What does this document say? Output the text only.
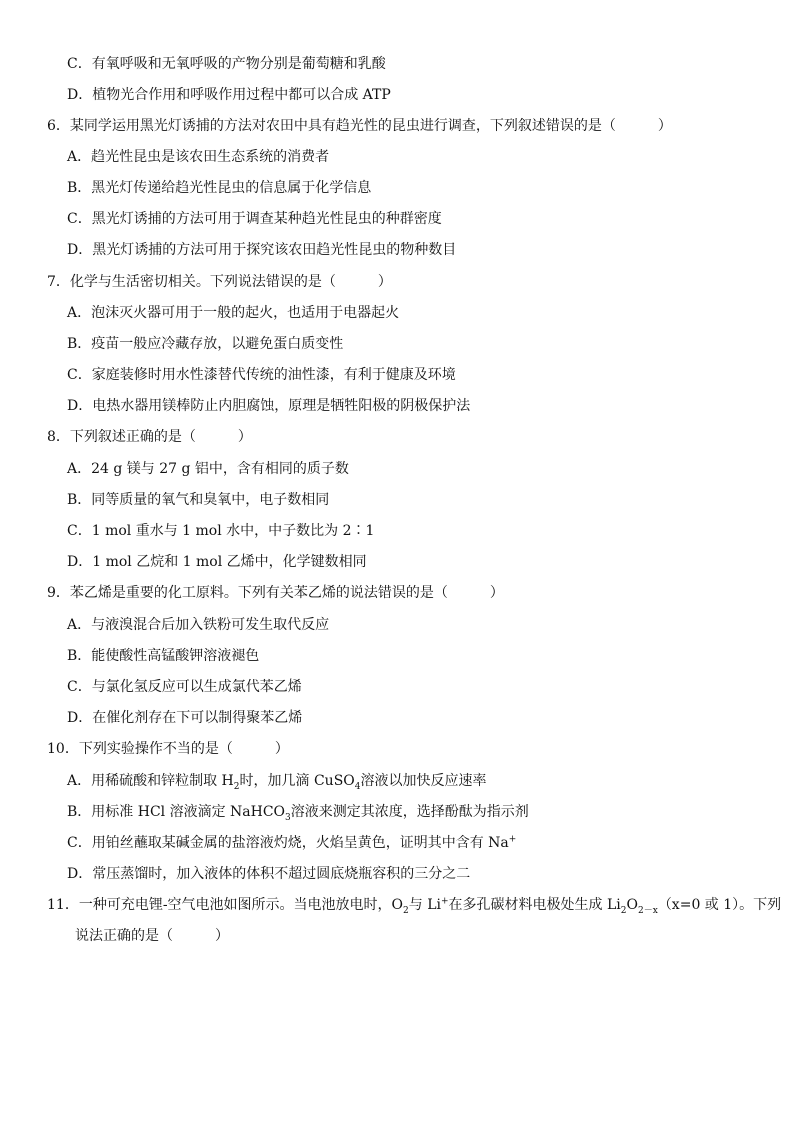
C．有氧呼吸和无氧呼吸的产物分别是葡萄糖和乳酸
D．植物光合作用和呼吸作用过程中都可以合成 ATP
6．某同学运用黑光灯诱捕的方法对农田中具有趋光性的昆虫进行调查，下列叙述错误的是（　　　）
A．趋光性昆虫是该农田生态系统的消费者
B．黑光灯传递给趋光性昆虫的信息属于化学信息
C．黑光灯诱捕的方法可用于调查某种趋光性昆虫的种群密度
D．黑光灯诱捕的方法可用于探究该农田趋光性昆虫的物种数目
7．化学与生活密切相关。下列说法错误的是（　　　）
A．泡沫灭火器可用于一般的起火，也适用于电器起火
B．疫苗一般应冷藏存放，以避免蛋白质变性
C．家庭装修时用水性漆替代传统的油性漆，有利于健康及环境
D．电热水器用镁棒防止内胆腐蚀，原理是牺牲阳极的阴极保护法
8．下列叙述正确的是（　　　）
A．24 g 镁与 27 g 铝中，含有相同的质子数
B．同等质量的氧气和臭氧中，电子数相同
C．1 mol 重水与 1 mol 水中，中子数比为 2∶1
D．1 mol 乙烷和 1 mol 乙烯中，化学键数相同
9．苯乙烯是重要的化工原料。下列有关苯乙烯的说法错误的是（　　　）
A．与液溴混合后加入铁粉可发生取代反应
B．能使酸性高锰酸钾溶液褪色
C．与氯化氢反应可以生成氯代苯乙烯
D．在催化剂存在下可以制得聚苯乙烯
10．下列实验操作不当的是（　　　）
A．用稀硫酸和锌粒制取 $H_2$时，加几滴 CuSO$_4$溶液以加快反应速率
B．用标准 HCl 溶液滴定 NaHCO$_3$溶液来测定其浓度，选择酚酞为指示剂
C．用铂丝蘸取某碱金属的盐溶液灼烧，火焰呈黄色，证明其中含有 Na+
D．常压蒸馏时，加入液体的体积不超过圆底烧瓶容积的三分之二
11．一种可充电锂-空气电池如图所示。当电池放电时，$O_2$与 Li+在多孔碳材料电极处生成 $Li_2O_{2-x}(x=0$ 或 1）。下列
说法正确的是（　　　）
